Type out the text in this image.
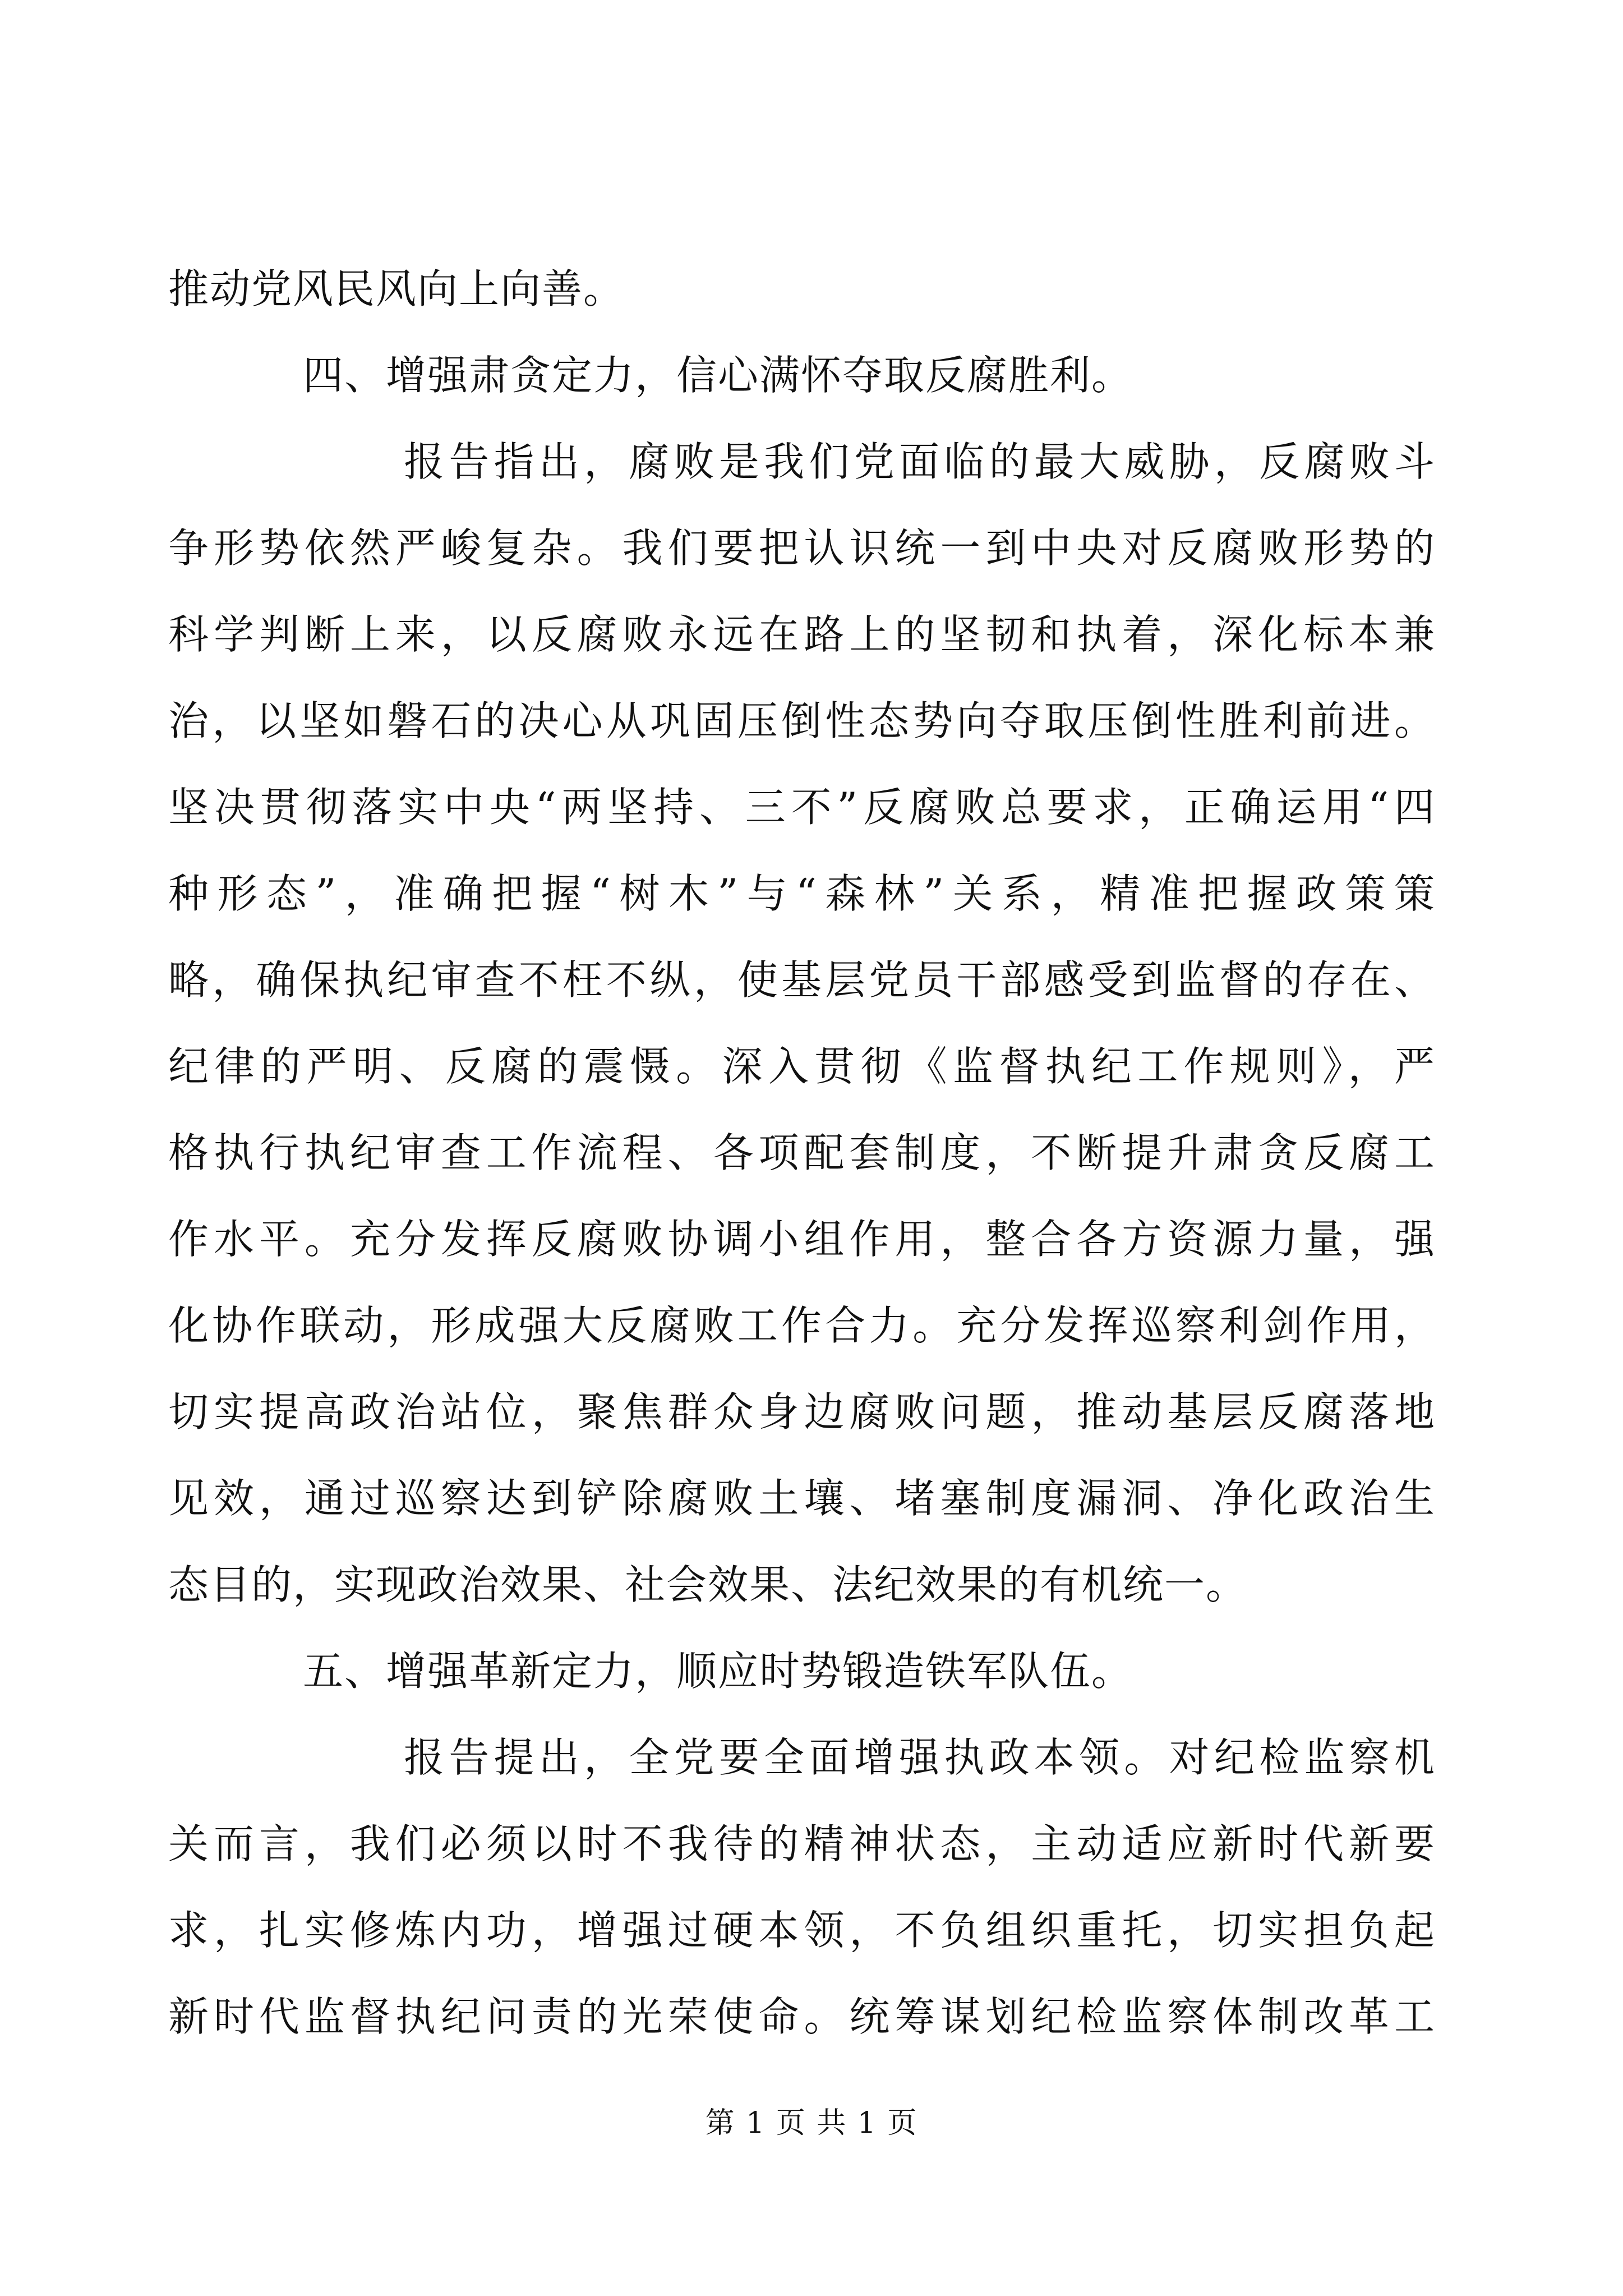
推动党风民风向上向善。
四、增强肃贪定力，信心满怀夺取反腐胜利。
报告指出，腐败是我们党面临的最大威胁，反腐败斗
争形势依然严峻复杂。我们要把认识统一到中央对反腐败形势的
科学判断上来，以反腐败永远在路上的坚韧和执着，深化标本兼
治，以坚如磐石的决心从巩固压倒性态势向夺取压倒性胜利前进。
坚决贯彻落实中央“两坚持、三不”反腐败总要求，正确运用“四
种形态”，准确把握“树木”与“森林”关系，精准把握政策策
略，确保执纪审查不枉不纵，使基层党员干部感受到监督的存在、
纪律的严明、反腐的震慑。深入贯彻《监督执纪工作规则》，严
格执行执纪审查工作流程、各项配套制度，不断提升肃贪反腐工
作水平。充分发挥反腐败协调小组作用，整合各方资源力量，强
化协作联动，形成强大反腐败工作合力。充分发挥巡察利剑作用，
切实提高政治站位，聚焦群众身边腐败问题，推动基层反腐落地
见效，通过巡察达到铲除腐败土壤、堵塞制度漏洞、净化政治生
态目的，实现政治效果、社会效果、法纪效果的有机统一。
五、增强革新定力，顺应时势锻造铁军队伍。
报告提出，全党要全面增强执政本领。对纪检监察机
关而言，我们必须以时不我待的精神状态，主动适应新时代新要
求，扎实修炼内功，增强过硬本领，不负组织重托，切实担负起
新时代监督执纪问责的光荣使命。统筹谋划纪检监察体制改革工
第 1 页 共 1 页
